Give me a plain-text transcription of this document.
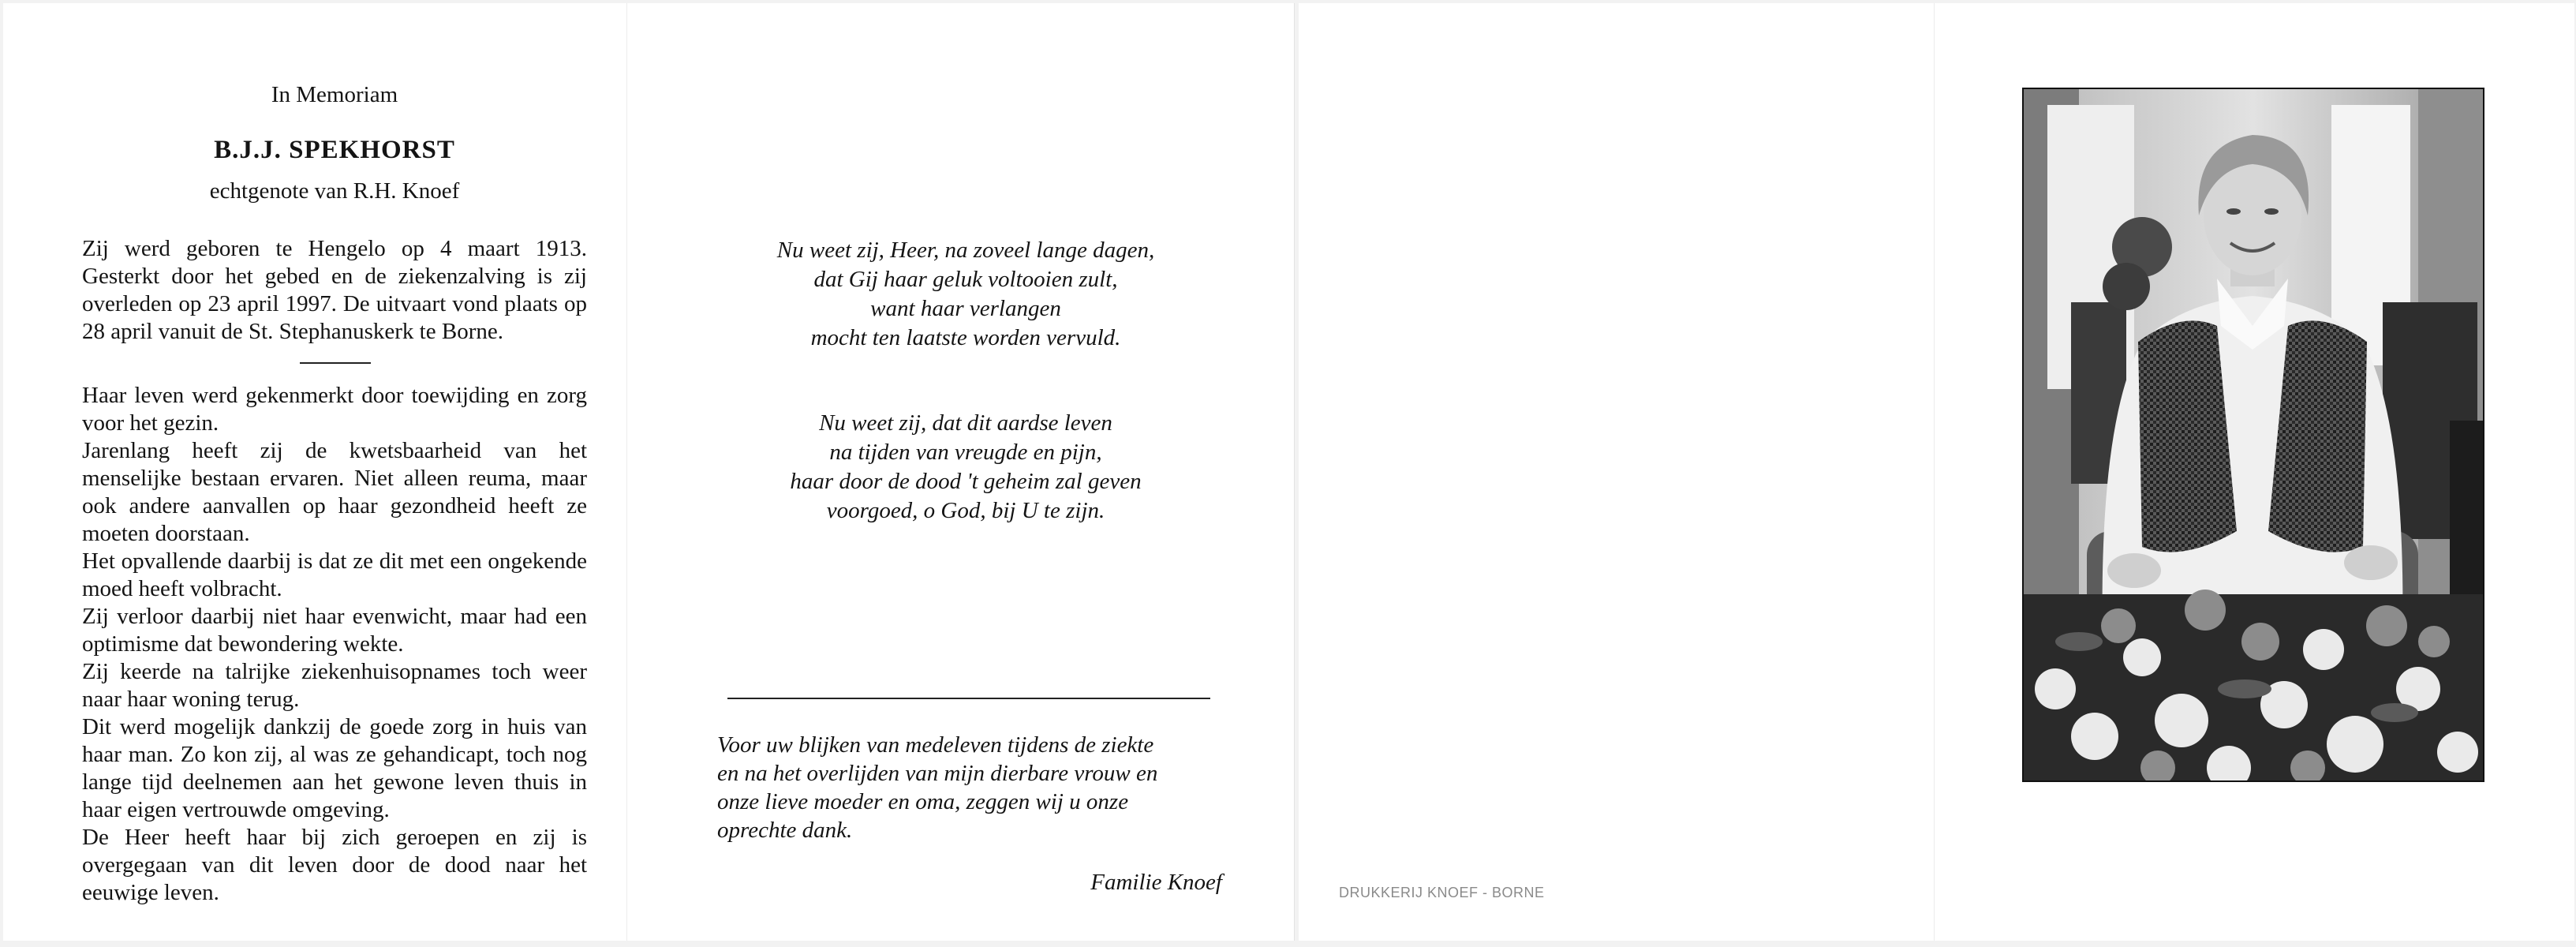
In Memoriam
B.J.J. SPEKHORST
echtgenote van R.H. Knoef

Zij werd geboren te Hengelo op 4 maart 1913. Gesterkt door het gebed en de ziekenzalving is zij overleden op 23 april 1997. De uitvaart vond plaats op 28 april vanuit de St. Stephanuskerk te Borne.

Haar leven werd gekenmerkt door toewijding en zorg voor het gezin.

Jarenlang heeft zij de kwetsbaarheid van het menselijke bestaan ervaren. Niet alleen reuma, maar ook andere aanvallen op haar gezondheid heeft ze moeten doorstaan.

Het opvallende daarbij is dat ze dit met een ongekende moed heeft volbracht.

Zij verloor daarbij niet haar evenwicht, maar had een optimisme dat bewondering wekte.

Zij keerde na talrijke ziekenhuisopnames toch weer naar haar woning terug.

Dit werd mogelijk dankzij de goede zorg in huis van haar man. Zo kon zij, al was ze gehandicapt, toch nog lange tijd deelnemen aan het gewone leven thuis in haar eigen vertrouwde omgeving.

De Heer heeft haar bij zich geroepen en zij is overgegaan van dit leven door de dood naar het eeuwige leven.

Nu weet zij, Heer, na zoveel lange dagen,
dat Gij haar geluk voltooien zult,
want haar verlangen
mocht ten laatste worden vervuld.
Nu weet zij, dat dit aardse leven
na tijden van vreugde en pijn,
haar door de dood 't geheim zal geven
voorgoed, o God, bij U te zijn.
Voor uw blijken van medeleven tijdens de ziekte
en na het overlijden van mijn dierbare vrouw en
onze lieve moeder en oma, zeggen wij u onze
oprechte dank.
Familie Knoef	DRUKKERIJ KNOEF - BORNE
